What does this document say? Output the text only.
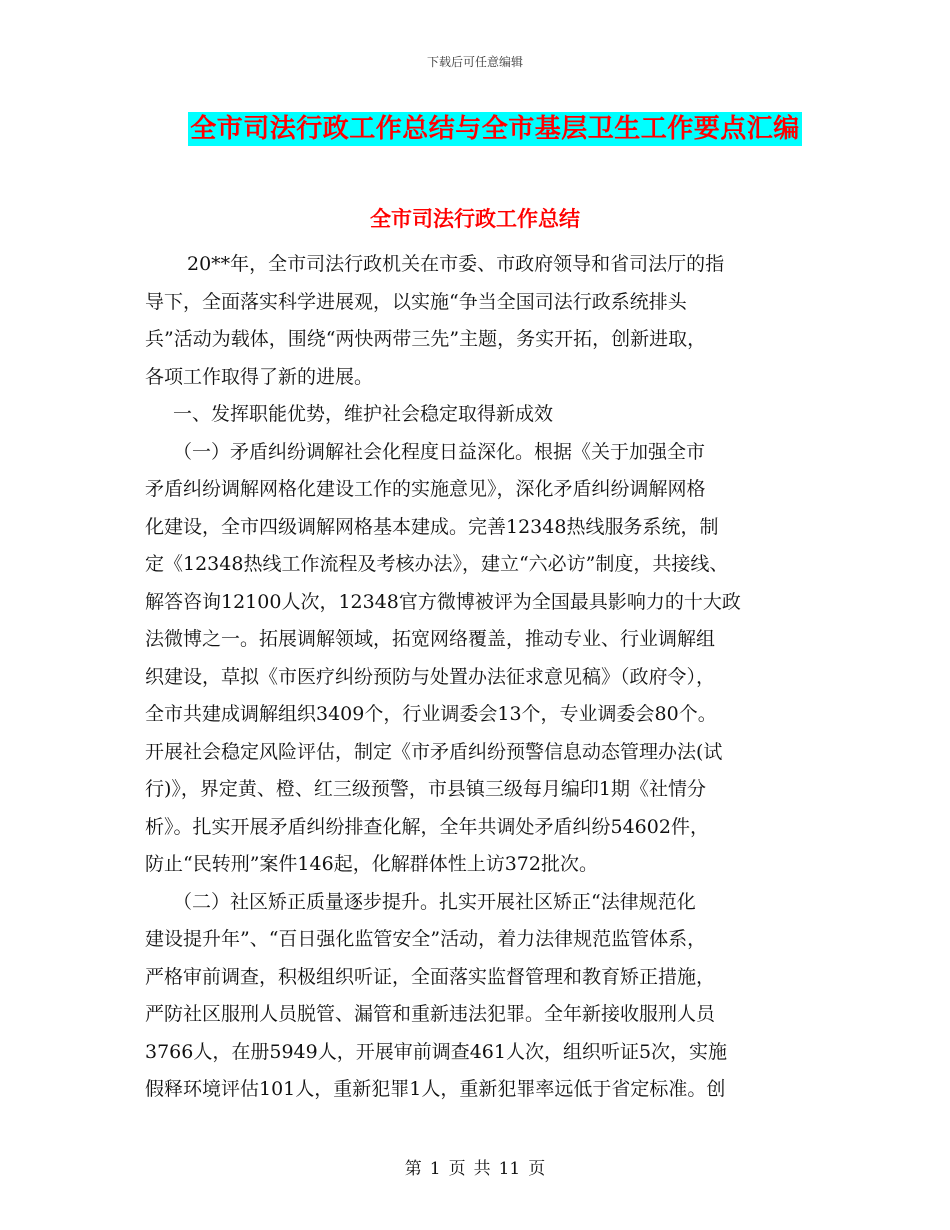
下载后可任意编辑
全市司法行政工作总结与全市基层卫生工作要点汇编
全市司法行政工作总结
20**年，全市司法行政机关在市委、市政府领导和省司法厅的指
导下，全面落实科学进展观，以实施“争当全国司法行政系统排头
兵”活动为载体，围绕“两快两带三先”主题，务实开拓，创新进取，
各项工作取得了新的进展。
一、发挥职能优势，维护社会稳定取得新成效
（一）矛盾纠纷调解社会化程度日益深化。根据《关于加强全市
矛盾纠纷调解网格化建设工作的实施意见》，深化矛盾纠纷调解网格
化建设，全市四级调解网格基本建成。完善12348热线服务系统，制
定《12348热线工作流程及考核办法》，建立“六必访”制度，共接线、
解答咨询12100人次，12348官方微博被评为全国最具影响力的十大政
法微博之一。拓展调解领域，拓宽网络覆盖，推动专业、行业调解组
织建设，草拟《市医疗纠纷预防与处置办法征求意见稿》（政府令），
全市共建成调解组织3409个，行业调委会13个，专业调委会80个。
开展社会稳定风险评估，制定《市矛盾纠纷预警信息动态管理办法(试
行)》，界定黄、橙、红三级预警，市县镇三级每月编印1期《社情分
析》。扎实开展矛盾纠纷排查化解，全年共调处矛盾纠纷54602件，
防止“民转刑”案件146起，化解群体性上访372批次。
（二）社区矫正质量逐步提升。扎实开展社区矫正“法律规范化
建设提升年”、“百日强化监管安全”活动，着力法律规范监管体系，
严格审前调查，积极组织听证，全面落实监督管理和教育矫正措施，
严防社区服刑人员脱管、漏管和重新违法犯罪。全年新接收服刑人员
3766人，在册5949人，开展审前调查461人次，组织听证5次，实施
假释环境评估101人，重新犯罪1人，重新犯罪率远低于省定标准。创
第 1 页 共 11 页
